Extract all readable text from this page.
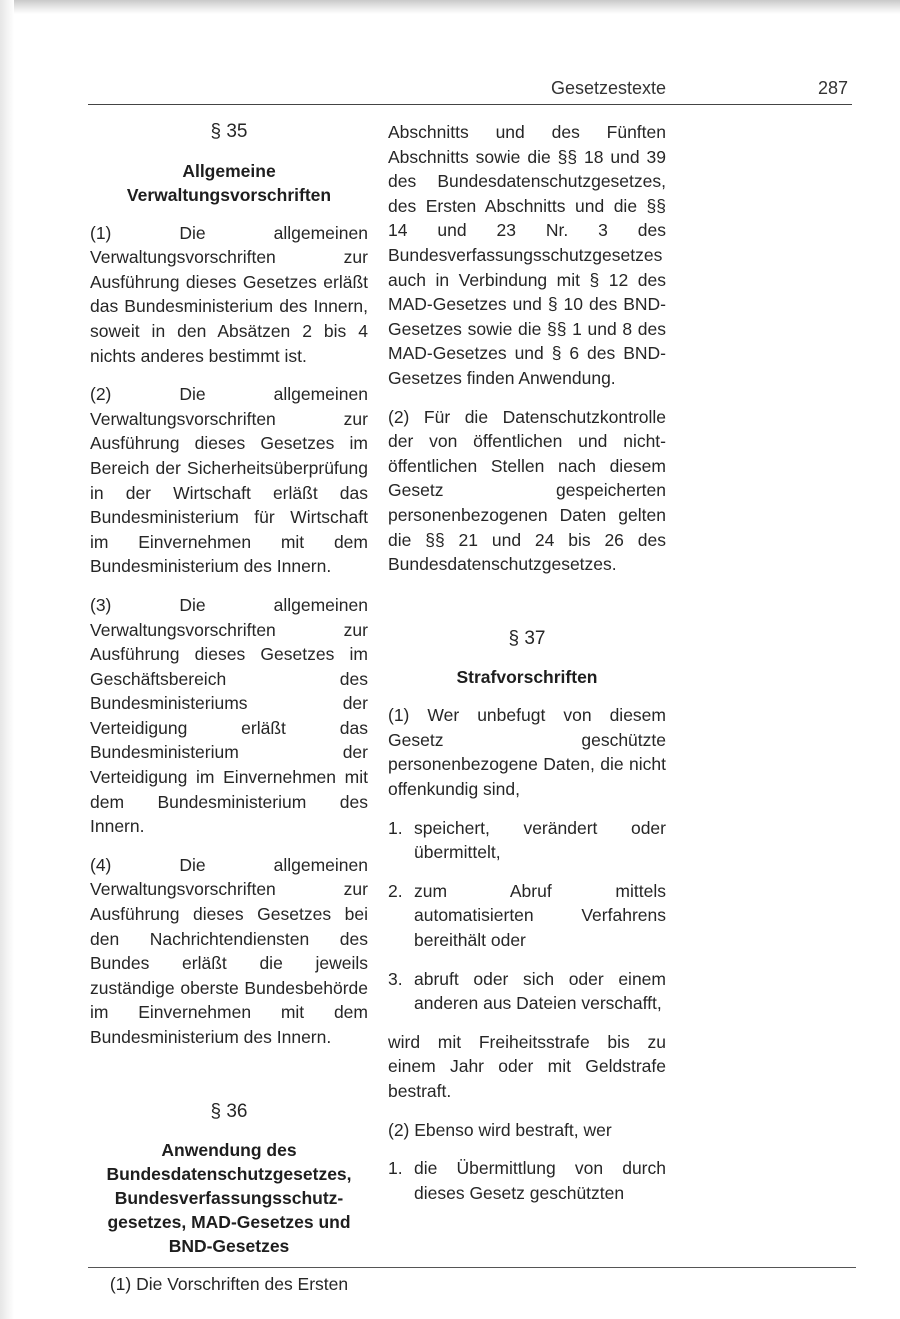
Gesetzestexte	287
§ 35
Allgemeine
Verwaltungsvorschriften

(1) Die allgemeinen Verwaltungsvorschriften zur Ausführung dieses Gesetzes erläßt das Bundesministerium des Innern, soweit in den Absätzen 2 bis 4 nichts anderes bestimmt ist.

(2) Die allgemeinen Verwaltungsvorschriften zur Ausführung dieses Gesetzes im Bereich der Sicherheitsüberprüfung in der Wirtschaft erläßt das Bundesministerium für Wirtschaft im Einvernehmen mit dem Bundesministerium des Innern.

(3) Die allgemeinen Verwaltungsvorschriften zur Ausführung dieses Gesetzes im Geschäftsbereich des Bundesministeriums der Verteidigung erläßt das Bundesministerium der Verteidigung im Einvernehmen mit dem Bundesministerium des Innern.

(4) Die allgemeinen Verwaltungsvorschriften zur Ausführung dieses Gesetzes bei den Nachrichtendiensten des Bundes erläßt die jeweils zuständige oberste Bundesbehörde im Einvernehmen mit dem Bundesministerium des Innern.

§ 36
Anwendung des
Bundesdatenschutzgesetzes,
Bundesverfassungsschutz-
gesetzes, MAD-Gesetzes und
BND-Gesetzes

(1) Die Vorschriften des Ersten

Abschnitts und des Fünften Abschnitts sowie die §§ 18 und 39 des Bundesdatenschutzgesetzes, des Ersten Abschnitts und die §§ 14 und 23 Nr. 3 des Bundesverfassungsschutzgesetzes auch in Verbindung mit § 12 des MAD-Gesetzes und § 10 des BND-Gesetzes sowie die §§ 1 und 8 des MAD-Gesetzes und § 6 des BND-Gesetzes finden Anwendung.

(2) Für die Datenschutzkontrolle der von öffentlichen und nicht-öffentlichen Stellen nach diesem Gesetz gespeicherten personenbezogenen Daten gelten die §§ 21 und 24 bis 26 des Bundesdatenschutzgesetzes.

§ 37
Strafvorschriften

(1) Wer unbefugt von diesem Gesetz geschützte personenbezogene Daten, die nicht offenkundig sind,

1. speichert, verändert oder übermittelt,
2. zum Abruf mittels automatisierten Verfahrens bereithält oder
3. abruft oder sich oder einem anderen aus Dateien verschafft,

wird mit Freiheitsstrafe bis zu einem Jahr oder mit Geldstrafe bestraft.

(2) Ebenso wird bestraft, wer

1. die Übermittlung von durch dieses Gesetz geschützten
